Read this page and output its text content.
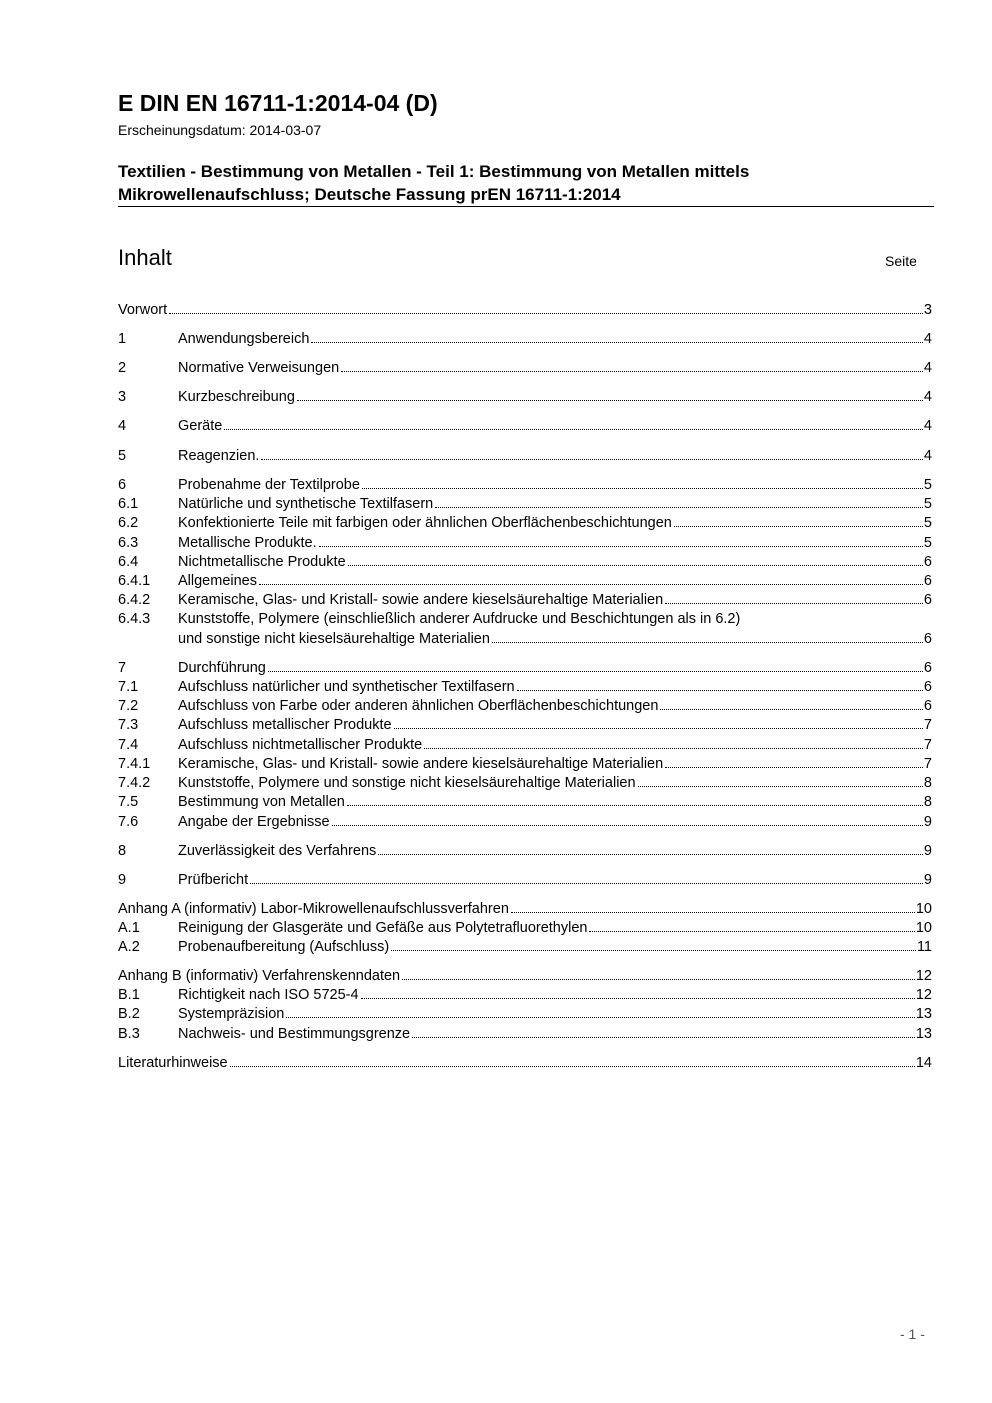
E DIN EN 16711-1:2014-04 (D)
Erscheinungsdatum: 2014-03-07
Textilien - Bestimmung von Metallen - Teil 1: Bestimmung von Metallen mittels
Mikrowellenaufschluss; Deutsche Fassung prEN 16711-1:2014
Inhalt	Seite
Vorwort	3
1	Anwendungsbereich	4
2	Normative Verweisungen	4
3	Kurzbeschreibung	4
4	Geräte	4
5	Reagenzien.	4
6	Probenahme der Textilprobe	5
6.1	Natürliche und synthetische Textilfasern	5
6.2	Konfektionierte Teile mit farbigen oder ähnlichen Oberflächenbeschichtungen	5
6.3	Metallische Produkte.	5
6.4	Nichtmetallische Produkte	6
6.4.1	Allgemeines	6
6.4.2	Keramische, Glas- und Kristall- sowie andere kieselsäurehaltige Materialien	6
6.4.3	Kunststoffe, Polymere (einschließlich anderer Aufdrucke und Beschichtungen als in 6.2)
und sonstige nicht kieselsäurehaltige Materialien	6
7	Durchführung	6
7.1	Aufschluss natürlicher und synthetischer Textilfasern	6
7.2	Aufschluss von Farbe oder anderen ähnlichen Oberflächenbeschichtungen	6
7.3	Aufschluss metallischer Produkte	7
7.4	Aufschluss nichtmetallischer Produkte	7
7.4.1	Keramische, Glas- und Kristall- sowie andere kieselsäurehaltige Materialien	7
7.4.2	Kunststoffe, Polymere und sonstige nicht kieselsäurehaltige Materialien	8
7.5	Bestimmung von Metallen	8
7.6	Angabe der Ergebnisse	9
8	Zuverlässigkeit des Verfahrens	9
9	Prüfbericht	9
Anhang A (informativ) Labor-Mikrowellenaufschlussverfahren	10
A.1	Reinigung der Glasgeräte und Gefäße aus Polytetrafluorethylen	10
A.2	Probenaufbereitung (Aufschluss)	11
Anhang B (informativ) Verfahrenskenndaten	12
B.1	Richtigkeit nach ISO 5725-4	12
B.2	Systempräzision	13
B.3	Nachweis- und Bestimmungsgrenze	13
Literaturhinweise	14
- 1 -
